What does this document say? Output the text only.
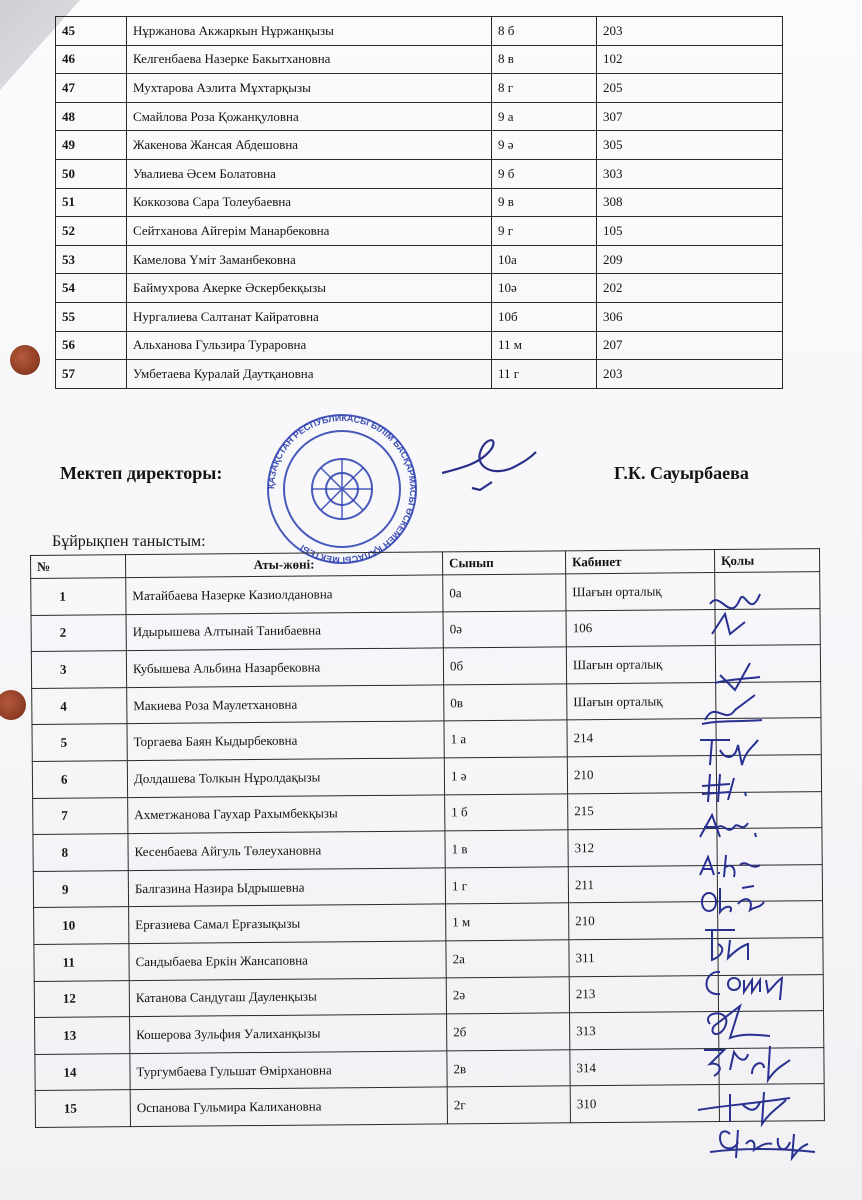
45	Нұржанова Акжаркын Нұржанқызы	8 б	203
46	Келгенбаева Назерке Бакытхановна	8 в	102
47	Мухтарова Аэлита Мұхтарқызы	8 г	205
48	Смайлова Роза Қожанқуловна	9 а	307
49	Жакенова Жансая Абдешовна	9 ә	305
50	Увалиева Әсем Болатовна	9 б	303
51	Коккозова Сара Толеубаевна	9 в	308
52	Сейтханова Айгерім Манарбековна	9 г	105
53	Камелова Үміт Заманбековна	10а	209
54	Баймухрова Акерке Әскербекқызы	10ә	202
55	Нургалиева Салтанат Кайратовна	10б	306
56	Альханова Гульзира Турaровна	11 м	207
57	Умбетаева Куралай Даутқановна	11 г	203
ҚАЗАҚСТАН РЕСПУБЛИКАСЫ БІЛІМ БАСҚАРМАСЫ ӨСКЕМЕН ҚАЛАСЫ МЕКТЕБІ
Мектеп директоры:	Г.К. Сауырбаева
Бұйрықпен таныстым:
№	Аты-жөні:	Сынып	Кабинет	Қолы
1	Матайбаева Назерке Казиолдановна	0а	Шағын орталық	
2	Идырышева Алтынай Танибаевна	0ә	106	
3	Кубышева Альбина Назарбековна	0б	Шағын орталық	
4	Макиева Роза Маулетхановна	0в	Шағын орталық	
5	Торгаева Баян Кыдырбековна	1 а	214	
6	Долдашева Толкын Нұролдақызы	1 ә	210	
7	Ахметжанова Гаухар Рахымбекқызы	1 б	215	
8	Кесенбаева Айгуль Төлеухановна	1 в	312	
9	Балгазина Назира Ыдрышевна	1 г	211	
10	Ерғазиева Самал Ерғазықызы	1 м	210	
11	Сандыбаева Еркін Жансаповна	2а	311	
12	Катанова Сандугаш Дауленқызы	2ә	213	
13	Кошерова Зульфия Уалиханқызы	2б	313	
14	Тургумбаева Гульшат Өмірхановна	2в	314	
15	Оспанова Гульмира Калихановна	2г	310	
